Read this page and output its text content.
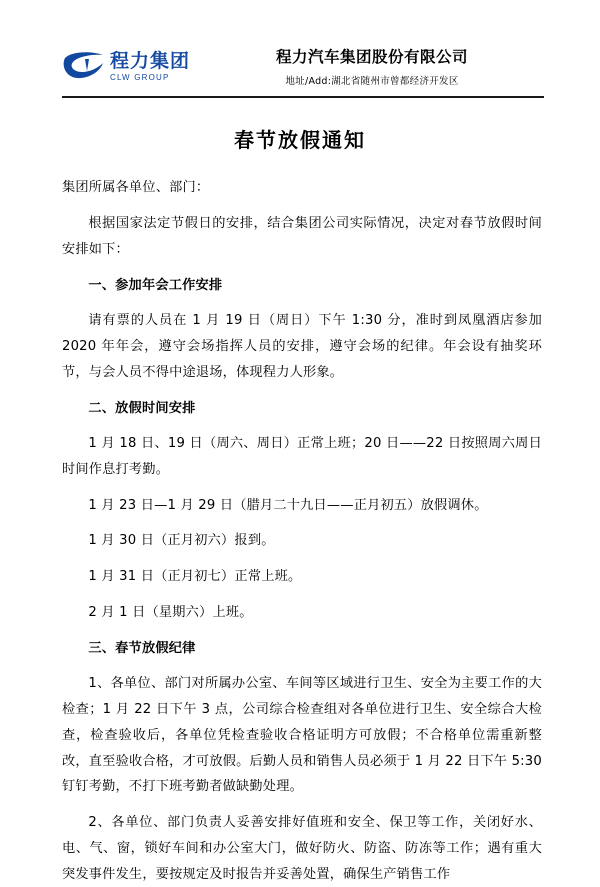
程力集团
CLW GROUP
程力汽车集团股份有限公司
地址/Add:湖北省随州市曾都经济开发区
春节放假通知

集团所属各单位、部门：

根据国家法定节假日的安排，结合集团公司实际情况，决定对春节放假时间安排如下：

一、参加年会工作安排

请有票的人员在 1 月 19 日（周日）下午 1:30 分，准时到凤凰酒店参加 2020 年年会，遵守会场指挥人员的安排，遵守会场的纪律。年会设有抽奖环节，与会人员不得中途退场，体现程力人形象。

二、放假时间安排

1 月 18 日、19 日（周六、周日）正常上班；20 日——22 日按照周六周日时间作息打考勤。

1 月 23 日—1 月 29 日（腊月二十九日——正月初五）放假调休。

1 月 30 日（正月初六）报到。

1 月 31 日（正月初七）正常上班。

2 月 1 日（星期六）上班。

三、春节放假纪律

1、各单位、部门对所属办公室、车间等区域进行卫生、安全为主要工作的大检查；1 月 22 日下午 3 点，公司综合检查组对各单位进行卫生、安全综合大检查，检查验收后，各单位凭检查验收合格证明方可放假；不合格单位需重新整改，直至验收合格，才可放假。后勤人员和销售人员必须于 1 月 22 日下午 5:30 钉钉考勤，不打下班考勤者做缺勤处理。

2、各单位、部门负责人妥善安排好值班和安全、保卫等工作，关闭好水、电、气、窗，锁好车间和办公室大门，做好防火、防盗、防冻等工作；遇有重大突发事件发生，要按规定及时报告并妥善处置，确保生产销售工作
